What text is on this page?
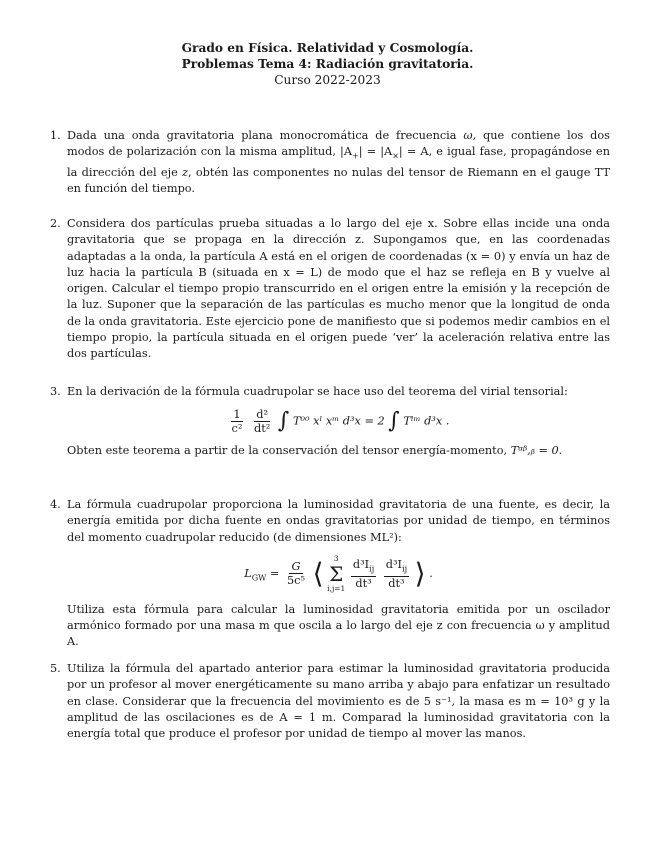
Grado en Física. Relatividad y Cosmología.
Problemas Tema 4: Radiación gravitatoria.
Curso 2022-2023
1. Dada una onda gravitatoria plana monocromática de frecuencia ω, que contiene los dos modos de polarización con la misma amplitud, $|A_+| = |A_\times| = A$, e igual fase, propagándose en la dirección del eje z, obtén las componentes no nulas del tensor de Riemann en el gauge TT en función del tiempo.
2. Considera dos partículas prueba situadas a lo largo del eje x. Sobre ellas incide una onda gravitatoria que se propaga en la dirección z. Supongamos que, en las coordenadas adaptadas a la onda, la partícula A está en el origen de coordenadas (x = 0) y envía un haz de luz hacia la partícula B (situada en x = L) de modo que el haz se refleja en B y vuelve al origen. Calcular el tiempo propio transcurrido en el origen entre la emisión y la recepción de la luz. Suponer que la separación de las partículas es mucho menor que la longitud de onda de la onda gravitatoria. Este ejercicio pone de manifiesto que si podemos medir cambios en el tiempo propio, la partícula situada en el origen puede ‘ver’ la aceleración relativa entre las dos partículas.
3. En la derivación de la fórmula cuadrupolar se hace uso del teorema del virial tensorial:
$\frac{1}{\text{c²}}$
$\frac{\text{d²}}{\text{dt²}}$ ∫ T⁰⁰ xˡ xᵐ d³x = 2 ∫ Tˡᵐ d³x .
Obten este teorema a partir de la conservación del tensor energía-momento, Tᵅᵝ,ᵦ = 0.
4. La fórmula cuadrupolar proporciona la luminosidad gravitatoria de una fuente, es decir, la energía emitida por dicha fuente en ondas gravitatorias por unidad de tiempo, en términos del momento cuadrupolar reducido (de dimensiones ML²):
$L_{GW} = \frac{G}{\text{5c⁵}}$ ⟨ 3
Σ
i,j=1
$\frac{d^3I_{ij}}{\text{dt³}}$
$\frac{d^3I_{ij}}{\text{dt³}}$ ⟩ .
Utiliza esta fórmula para calcular la luminosidad gravitatoria emitida por un oscilador armónico formado por una masa m que oscila a lo largo del eje z con frecuencia ω y amplitud A.
5. Utiliza la fórmula del apartado anterior para estimar la luminosidad gravitatoria producida por un profesor al mover energéticamente su mano arriba y abajo para enfatizar un resultado en clase. Considerar que la frecuencia del movimiento es de 5 s⁻¹, la masa es m = 10³ g y la amplitud de las oscilaciones es de A = 1 m. Comparad la luminosidad gravitatoria con la energía total que produce el profesor por unidad de tiempo al mover las manos.
